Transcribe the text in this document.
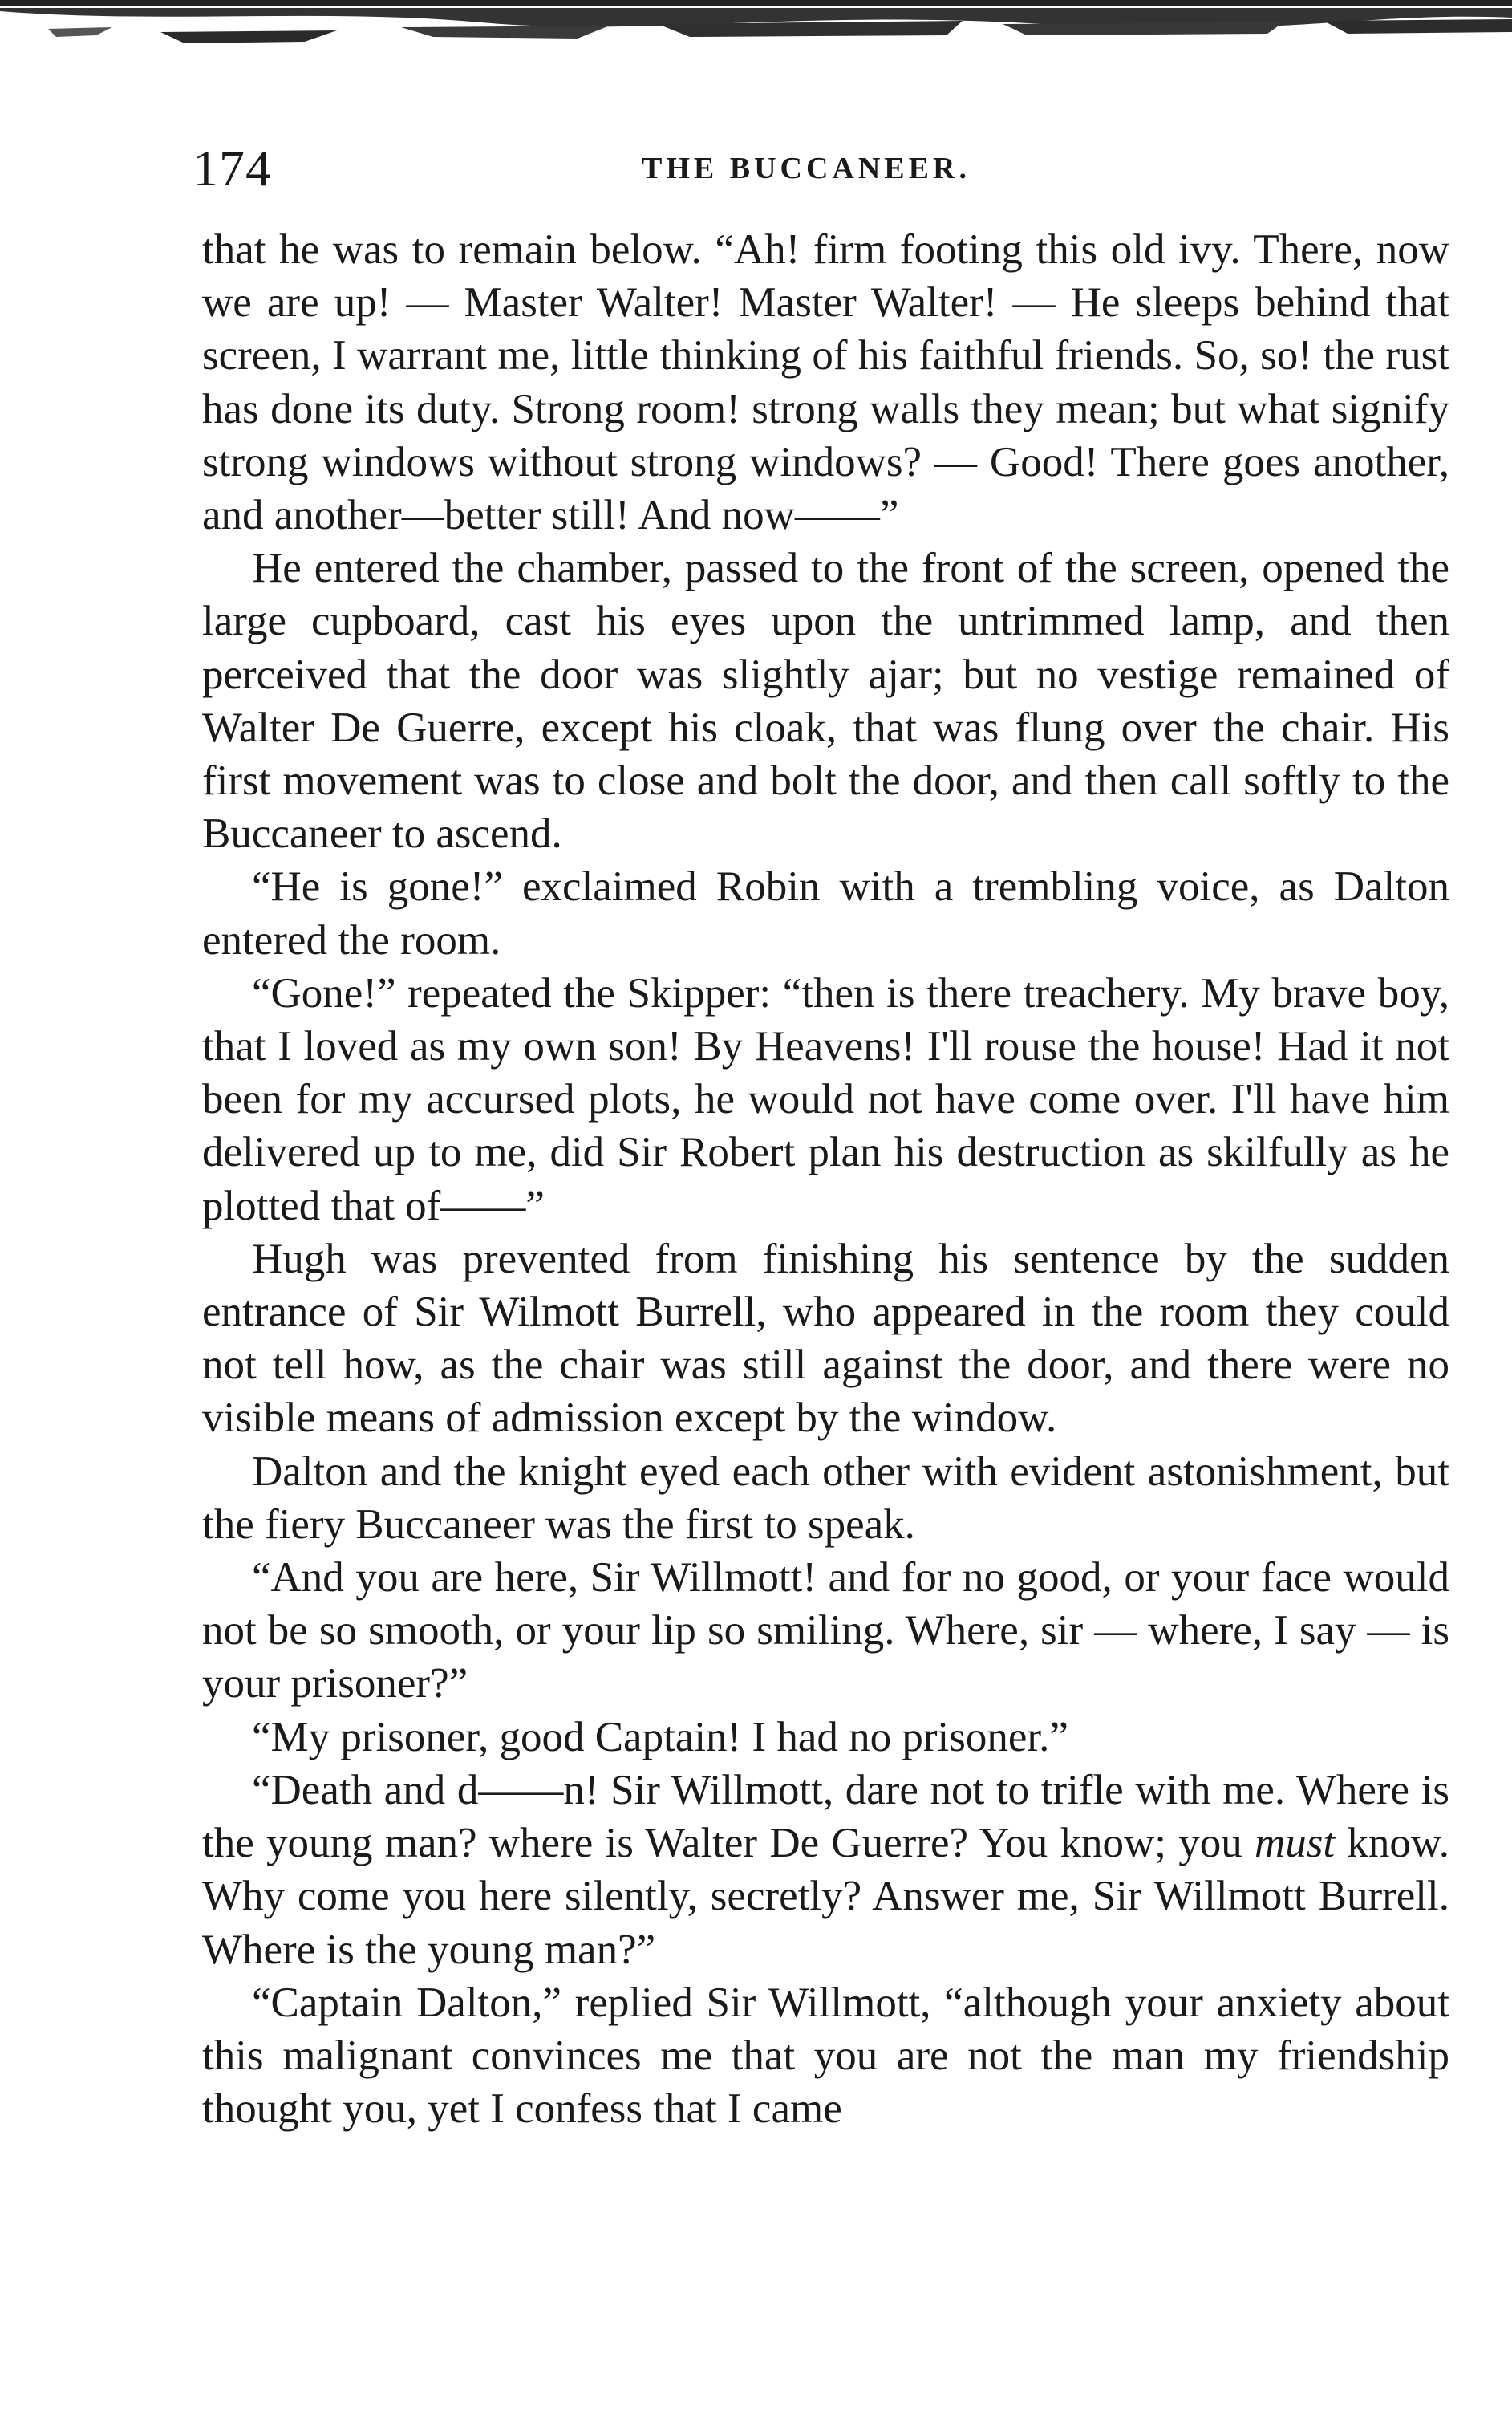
174	THE BUCCANEER.

that he was to remain below. “Ah! firm footing this old ivy. There, now we are up! — Master Walter! Master Walter! — He sleeps behind that screen, I warrant me, little thinking of his faithful friends. So, so! the rust has done its duty. Strong room! strong walls they mean; but what signify strong windows without strong windows? — Good! There goes another, and another—better still! And now——”

He entered the chamber, passed to the front of the screen, opened the large cupboard, cast his eyes upon the untrimmed lamp, and then perceived that the door was slightly ajar; but no vestige remained of Walter De Guerre, except his cloak, that was flung over the chair. His first movement was to close and bolt the door, and then call softly to the Buccaneer to ascend.

“He is gone!” exclaimed Robin with a trembling voice, as Dalton entered the room.

“Gone!” repeated the Skipper: “then is there treachery. My brave boy, that I loved as my own son! By Heavens! I'll rouse the house! Had it not been for my accursed plots, he would not have come over. I'll have him delivered up to me, did Sir Robert plan his destruction as skilfully as he plotted that of——”

Hugh was prevented from finishing his sentence by the sudden entrance of Sir Wilmott Burrell, who appeared in the room they could not tell how, as the chair was still against the door, and there were no visible means of admission except by the window.

Dalton and the knight eyed each other with evident astonishment, but the fiery Buccaneer was the first to speak.

“And you are here, Sir Willmott! and for no good, or your face would not be so smooth, or your lip so smiling. Where, sir — where, I say — is your prisoner?”

“My prisoner, good Captain! I had no prisoner.”

“Death and d——n! Sir Willmott, dare not to trifle with me. Where is the young man? where is Walter De Guerre? You know; you must know. Why come you here silently, secretly? Answer me, Sir Willmott Burrell. Where is the young man?”

“Captain Dalton,” replied Sir Willmott, “although your anxiety about this malignant convinces me that you are not the man my friendship thought you, yet I confess that I came
